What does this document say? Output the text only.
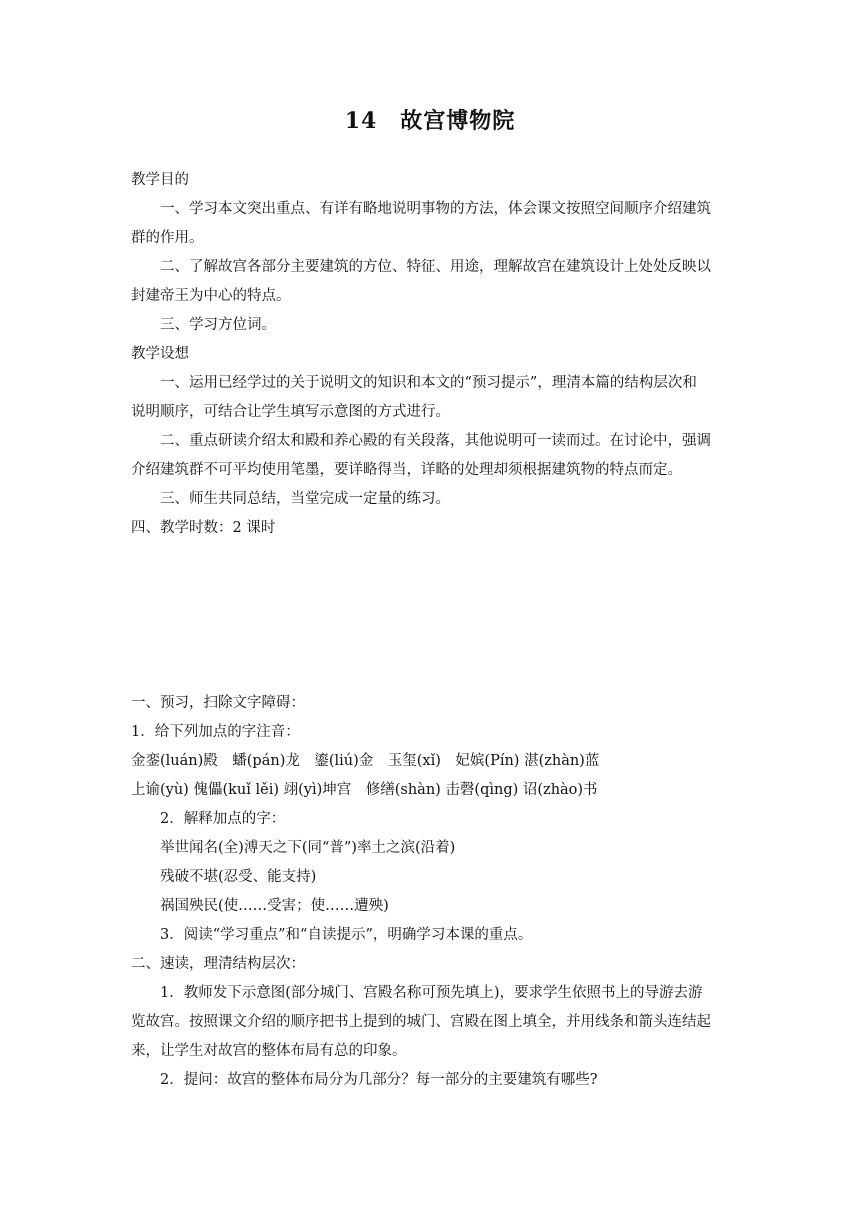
14　故宫博物院
教学目的
一、学习本文突出重点、有详有略地说明事物的方法，体会课文按照空间顺序介绍建筑
群的作用。
二、了解故宫各部分主要建筑的方位、特征、用途，理解故宫在建筑设计上处处反映以
封建帝王为中心的特点。
三、学习方位词。
教学设想
一、运用已经学过的关于说明文的知识和本文的“预习提示”，理清本篇的结构层次和
说明顺序，可结合让学生填写示意图的方式进行。
二、重点研读介绍太和殿和养心殿的有关段落，其他说明可一读而过。在讨论中，强调
介绍建筑群不可平均使用笔墨，要详略得当，详略的处理却须根据建筑物的特点而定。
三、师生共同总结，当堂完成一定量的练习。
四、教学时数：2 课时
一、预习，扫除文字障碍：
1．给下列加点的字注音：
金銮(luán)殿　蟠(pán)龙　鎏(liú)金　玉玺(xǐ)　妃嫔(Pín) 湛(zhàn)蓝
上谕(yù) 傀儡(kuǐ lěi) 翊(yì)坤宫　修缮(shàn) 击磬(qìng) 诏(zhào)书
2．解释加点的字：
举世闻名(全)溥天之下(同“普”)率土之滨(沿着)
残破不堪(忍受、能支持)
祸国殃民(使……受害；使……遭殃)
3．阅读“学习重点”和“自读提示”，明确学习本课的重点。
二、速读，理清结构层次：
1．教师发下示意图(部分城门、宫殿名称可预先填上)，要求学生依照书上的导游去游
览故宫。按照课文介绍的顺序把书上提到的城门、宫殿在图上填全，并用线条和箭头连结起
来，让学生对故宫的整体布局有总的印象。
2．提问：故宫的整体布局分为几部分？每一部分的主要建筑有哪些?
